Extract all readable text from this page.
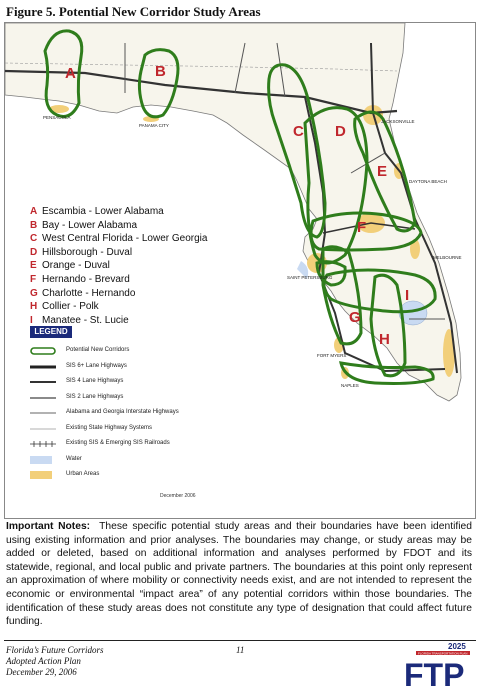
Figure 5. Potential New Corridor Study Areas
A	B
C D
E
F
G
H
I
PENSACOLA
PANAMA CITY
JACKSONVILLE
DAYTONA BEACH
MELBOURNE
SAINT PETERSBURG
FORT MYERS
NAPLES
A Escambia - Lower Alabama
B Bay - Lower Alabama
C West Central Florida - Lower Georgia
D Hillsborough - Duval
E Orange - Duval
F Hernando - Brevard
G Charlotte - Hernando
H Collier - Polk
I Manatee - St. Lucie
LEGEND
Potential New Corridors
SIS 6+ Lane Highways
SIS 4 Lane Highways
SIS 2 Lane Highways
Alabama and Georgia Interstate Highways
Existing State Highway Systems
Existing SIS & Emerging SIS Railroads
Water
Urban Areas
December 2006
Important Notes: These specific potential study areas and their boundaries have been identified using existing information and prior analyses. The boundaries may change, or study areas may be added or deleted, based on additional information and analyses performed by FDOT and its statewide, regional, and local public and private partners. The boundaries at this point only represent an approximation of where mobility or connectivity needs exist, and are not intended to represent the economic or environmental “impact area” of any potential corridors within those boundaries. The identification of these study areas does not constitute any type of designation that could affect future funding.
Florida’s Future Corridors
Adopted Action Plan
December 29, 2006
11	2025
FLORIDA TRANSPORTATION PLAN
FTP
